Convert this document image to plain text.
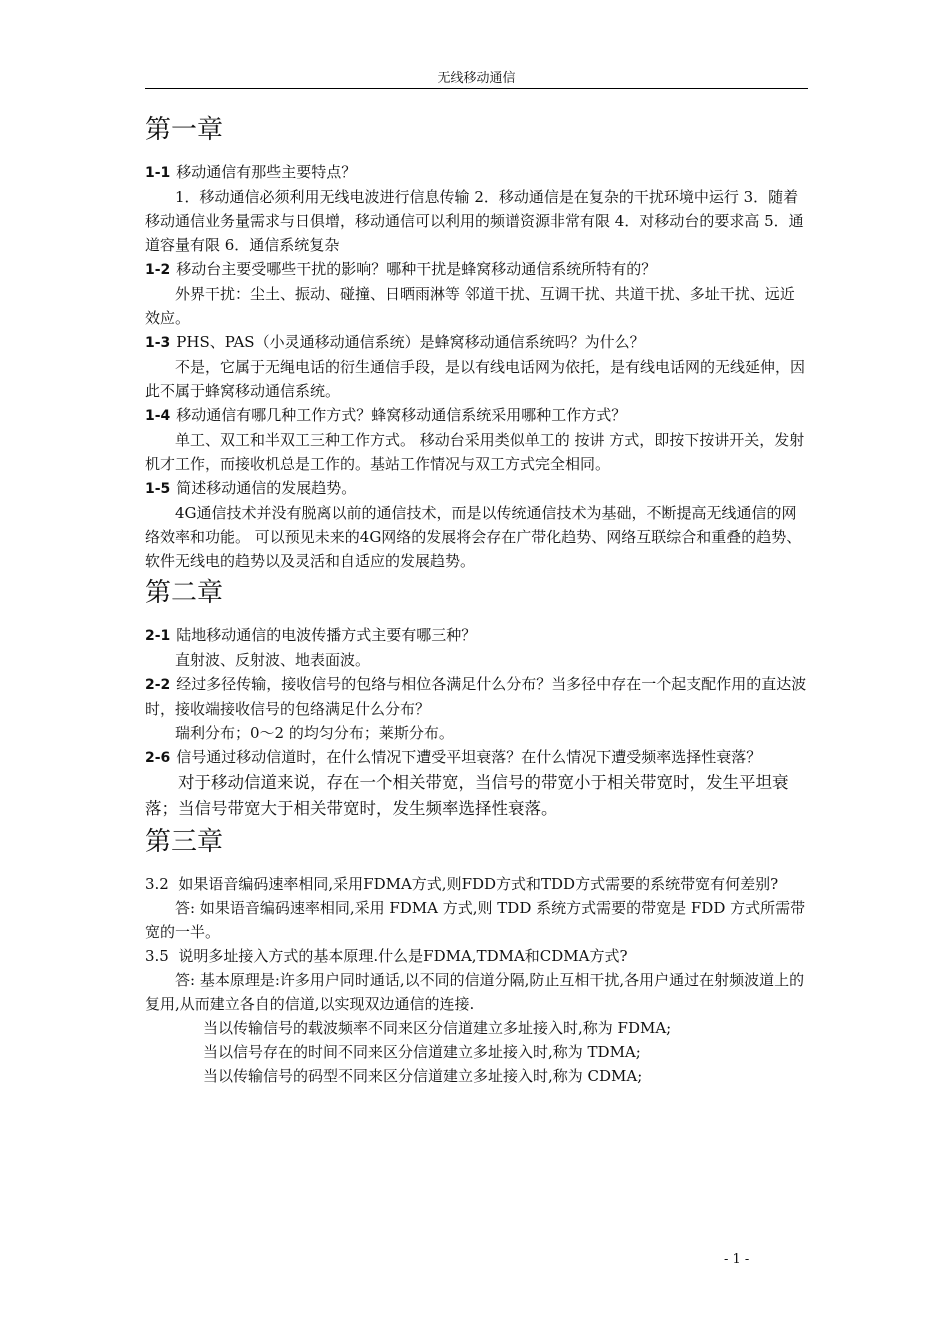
无线移动通信
第一章

1-1 移动通信有那些主要特点？

1．移动通信必须利用无线电波进行信息传输 2．移动通信是在复杂的干扰环境中运行 3．随着移动通信业务量需求与日俱增，移动通信可以利用的频谱资源非常有限 4．对移动台的要求高 5．通道容量有限 6．通信系统复杂

1-2 移动台主要受哪些干扰的影响？哪种干扰是蜂窝移动通信系统所特有的？

外界干扰：尘土、振动、碰撞、日晒雨淋等 邻道干扰、互调干扰、共道干扰、多址干扰、远近效应。

1-3 PHS、PAS（小灵通移动通信系统）是蜂窝移动通信系统吗？为什么？

不是，它属于无绳电话的衍生通信手段，是以有线电话网为依托，是有线电话网的无线延伸，因此不属于蜂窝移动通信系统。

1-4 移动通信有哪几种工作方式？蜂窝移动通信系统采用哪种工作方式？

单工、双工和半双工三种工作方式。 移动台采用类似单工的 按讲 方式，即按下按讲开关，发射机才工作，而接收机总是工作的。基站工作情况与双工方式完全相同。

1-5 简述移动通信的发展趋势。

4G通信技术并没有脱离以前的通信技术，而是以传统通信技术为基础，不断提高无线通信的网络效率和功能。 可以预见未来的4G网络的发展将会存在广带化趋势、网络互联综合和重叠的趋势、软件无线电的趋势以及灵活和自适应的发展趋势。

第二章

2-1 陆地移动通信的电波传播方式主要有哪三种？

直射波、反射波、地表面波。

2-2 经过多径传输，接收信号的包络与相位各满足什么分布？当多径中存在一个起支配作用的直达波时，接收端接收信号的包络满足什么分布？

瑞利分布；0～2 的均匀分布；莱斯分布。

2-6 信号通过移动信道时，在什么情况下遭受平坦衰落？在什么情况下遭受频率选择性衰落？

对于移动信道来说，存在一个相关带宽，当信号的带宽小于相关带宽时，发生平坦衰落；当信号带宽大于相关带宽时，发生频率选择性衰落。

第三章

3.2 如果语音编码速率相同,采用FDMA方式,则FDD方式和TDD方式需要的系统带宽有何差别?

答: 如果语音编码速率相同,采用 FDMA 方式,则 TDD 系统方式需要的带宽是 FDD 方式所需带宽的一半。

3.5 说明多址接入方式的基本原理.什么是FDMA,TDMA和CDMA方式?

答: 基本原理是:许多用户同时通话,以不同的信道分隔,防止互相干扰,各用户通过在射频波道上的复用,从而建立各自的信道,以实现双边通信的连接.

当以传输信号的载波频率不同来区分信道建立多址接入时,称为 FDMA;

当以信号存在的时间不同来区分信道建立多址接入时,称为 TDMA;

当以传输信号的码型不同来区分信道建立多址接入时,称为 CDMA;

- 1 -
